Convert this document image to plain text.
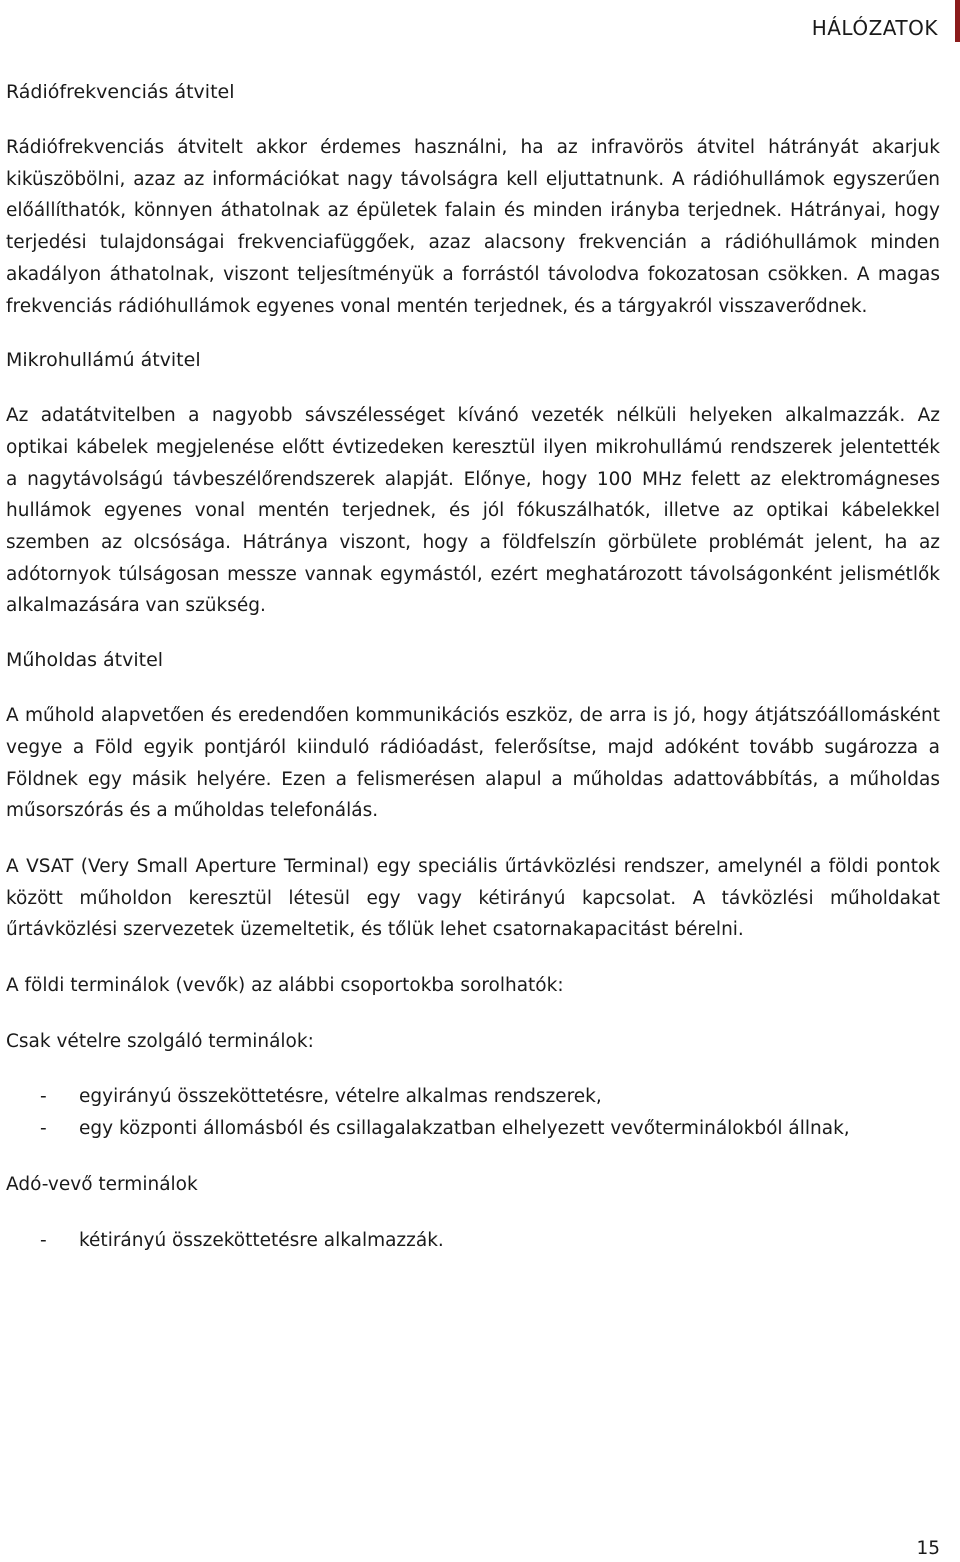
HÁLÓZATOK
Rádiófrekvenciás átvitel

Rádiófrekvenciás átvitelt akkor érdemes használni, ha az infravörös átvitel hátrányát akarjuk kiküszöbölni, azaz az információkat nagy távolságra kell eljuttatnunk. A rádióhullámok egyszerűen előállíthatók, könnyen áthatolnak az épületek falain és minden irányba terjednek. Hátrányai, hogy terjedési tulajdonságai frekvenciafüggőek, azaz alacsony frekvencián a rádióhullámok minden akadályon áthatolnak, viszont teljesítményük a forrástól távolodva fokozatosan csökken. A magas frekvenciás rádióhullámok egyenes vonal mentén terjednek, és a tárgyakról visszaverődnek.

Mikrohullámú átvitel

Az adatátvitelben a nagyobb sávszélességet kívánó vezeték nélküli helyeken alkalmazzák. Az optikai kábelek megjelenése előtt évtizedeken keresztül ilyen mikrohullámú rendszerek jelentették a nagytávolságú távbeszélőrendszerek alapját. Előnye, hogy 100 MHz felett az elektromágneses hullámok egyenes vonal mentén terjednek, és jól fókuszálhatók, illetve az optikai kábelekkel szemben az olcsósága. Hátránya viszont, hogy a földfelszín görbülete problémát jelent, ha az adótornyok túlságosan messze vannak egymástól, ezért meghatározott távolságonként jelismétlők alkalmazására van szükség.

Műholdas átvitel

A műhold alapvetően és eredendően kommunikációs eszköz, de arra is jó, hogy átjátszóállomásként vegye a Föld egyik pontjáról kiinduló rádióadást, felerősítse, majd adóként tovább sugározza a Földnek egy másik helyére. Ezen a felismerésen alapul a műholdas adattovábbítás, a műholdas műsorszórás és a műholdas telefonálás.

A VSAT (Very Small Aperture Terminal) egy speciális űrtávközlési rendszer, amelynél a földi pontok között műholdon keresztül létesül egy vagy kétirányú kapcsolat. A távközlési műholdakat űrtávközlési szervezetek üzemeltetik, és tőlük lehet csatornakapacitást bérelni.

A földi terminálok (vevők) az alábbi csoportokba sorolhatók:

Csak vételre szolgáló terminálok:

- egyirányú összeköttetésre, vételre alkalmas rendszerek,
- egy központi állomásból és csillagalakzatban elhelyezett vevőterminálokból állnak,

Adó-vevő terminálok

- kétirányú összeköttetésre alkalmazzák.
15
